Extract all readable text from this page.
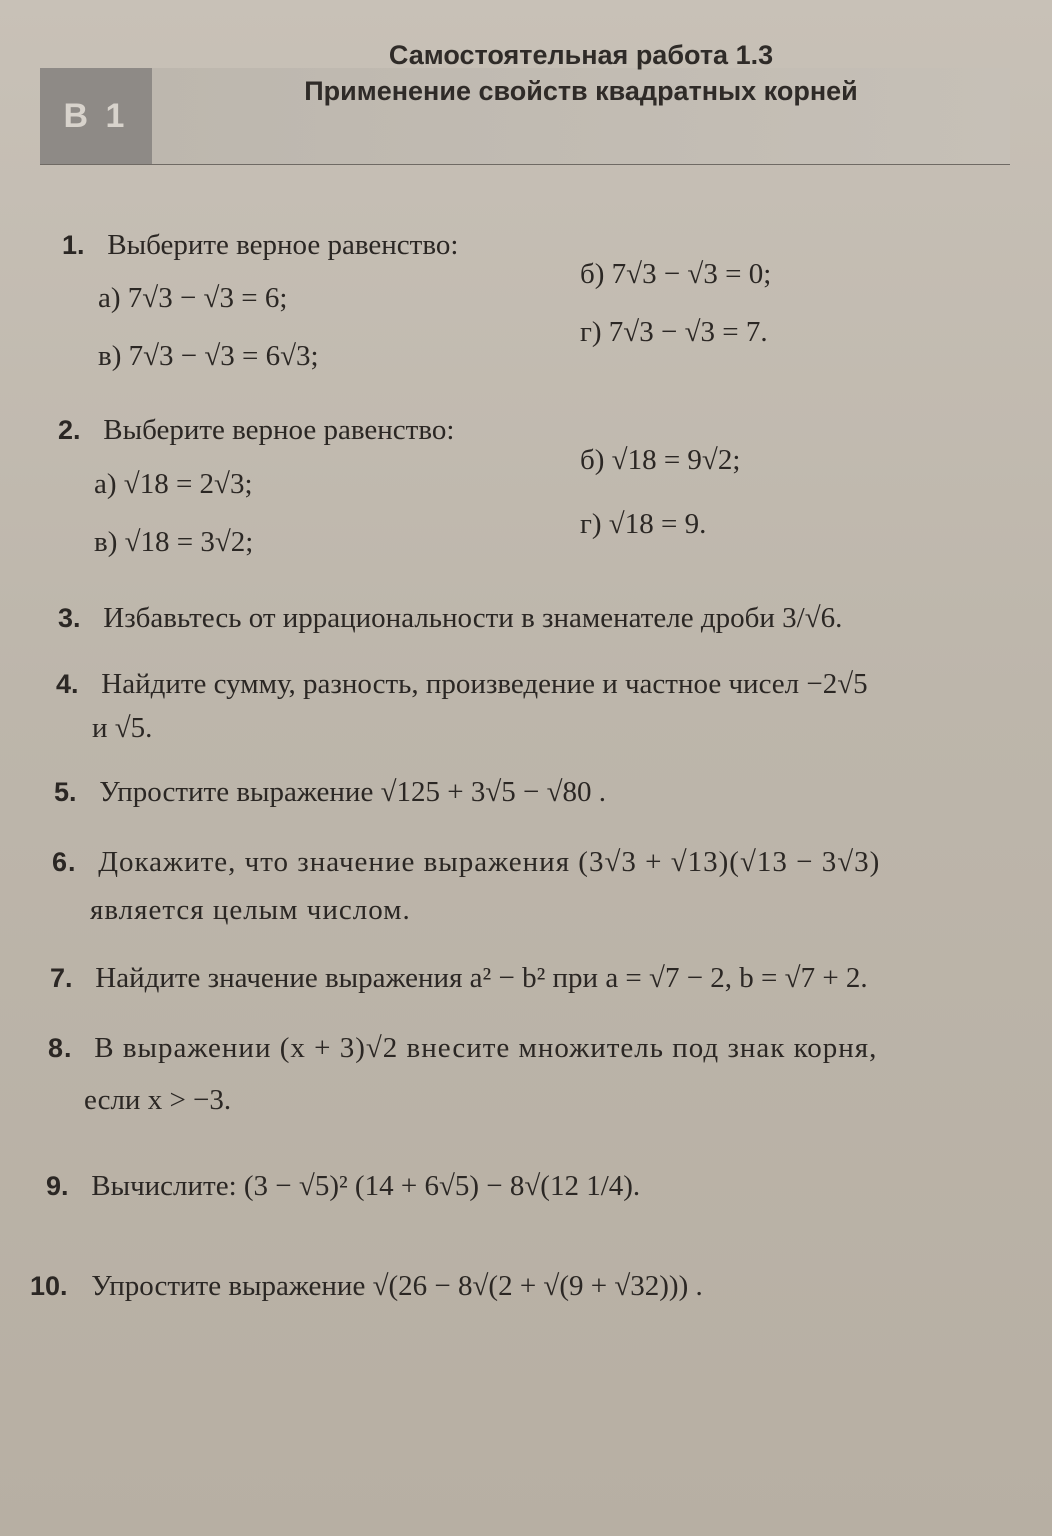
В 1
Самостоятельная работа 1.3
Применение свойств квадратных корней
1. Выберите верное равенство:
а) 7√3 − √3 = 6;
б) 7√3 − √3 = 0;
в) 7√3 − √3 = 6√3;
г) 7√3 − √3 = 7.
2. Выберите верное равенство:
а) √18 = 2√3;
б) √18 = 9√2;
в) √18 = 3√2;
г) √18 = 9.
3. Избавьтесь от иррациональности в знаменателе дроби 3/√6.
4. Найдите сумму, разность, произведение и частное чисел −2√5
и √5.
5. Упростите выражение √125 + 3√5 − √80 .
6. Докажите, что значение выражения (3√3 + √13)(√13 − 3√3)
является целым числом.
7. Найдите значение выражения a² − b² при a = √7 − 2, b = √7 + 2.
8. В выражении (x + 3)√2 внесите множитель под знак корня,
если x > −3.
9. Вычислите: (3 − √5)² (14 + 6√5) − 8√(12 1/4).
10. Упростите выражение √(26 − 8√(2 + √(9 + √32))) .
